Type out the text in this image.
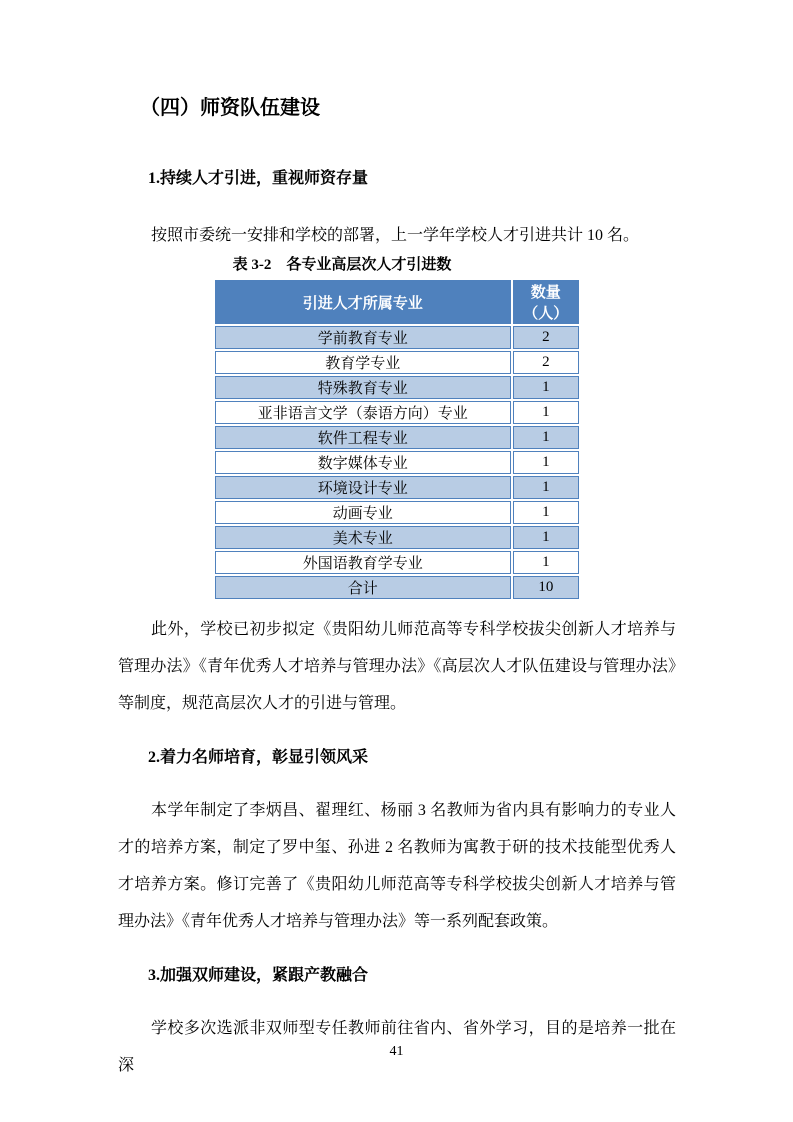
（四）师资队伍建设
1.持续人才引进，重视师资存量

按照市委统一安排和学校的部署，上一学年学校人才引进共计 10 名。

表 3-2　各专业高层次人才引进数
引进人才所属专业	数量（人）
学前教育专业	2
教育学专业	2
特殊教育专业	1
亚非语言文学（泰语方向）专业	1
软件工程专业	1
数字媒体专业	1
环境设计专业	1
动画专业	1
美术专业	1
外国语教育学专业	1
合计	10

此外，学校已初步拟定《贵阳幼儿师范高等专科学校拔尖创新人才培养与管理办法》《青年优秀人才培养与管理办法》《高层次人才队伍建设与管理办法》等制度，规范高层次人才的引进与管理。

2.着力名师培育，彰显引领风采

本学年制定了李炳昌、翟理红、杨丽 3 名教师为省内具有影响力的专业人才的培养方案，制定了罗中玺、孙进 2 名教师为寓教于研的技术技能型优秀人才培养方案。修订完善了《贵阳幼儿师范高等专科学校拔尖创新人才培养与管理办法》《青年优秀人才培养与管理办法》等一系列配套政策。

3.加强双师建设，紧跟产教融合

学校多次选派非双师型专任教师前往省内、省外学习，目的是培养一批在深

41
